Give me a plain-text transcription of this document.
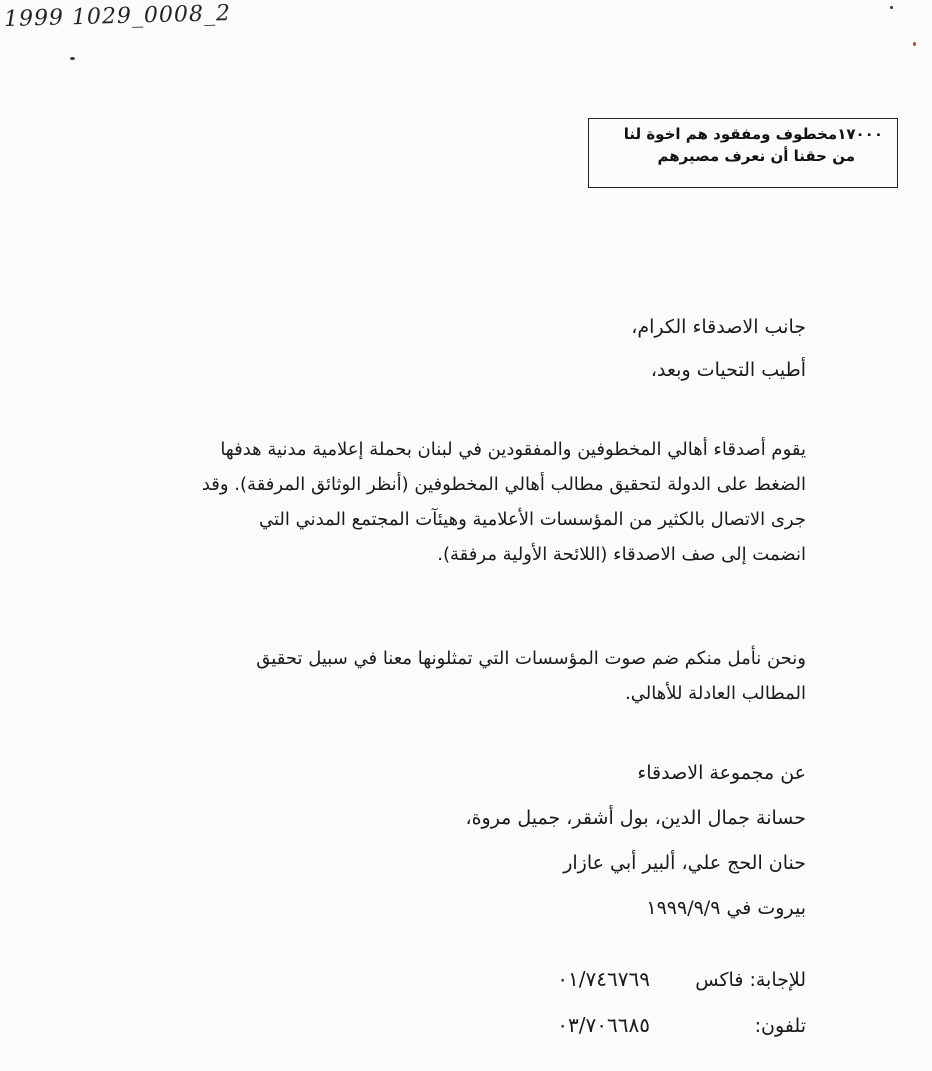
1999 1029_0008_2
١٧٠٠٠مخطوف ومفقود هم اخوة لنا
من حقنا أن نعرف مصيرهم
جانب الاصدقاء الكرام،
أطيب التحيات وبعد،

يقوم أصدقاء أهالي المخطوفين والمفقودين في لبنان بحملة إعلامية مدنية هدفها

الضغط على الدولة لتحقيق مطالب أهالي المخطوفين (أنظر الوثائق المرفقة). وقد

جرى الاتصال بالكثير من المؤسسات الأعلامية وهيئآت المجتمع المدني التي

انضمت إلى صف الاصدقاء (اللائحة الأولية مرفقة).

ونحن نأمل منكم ضم صوت المؤسسات التي تمثلونها معنا في سبيل تحقيق

المطالب العادلة للأهالي.

عن مجموعة الاصدقاء
حسانة جمال الدين، بول أشقر، جميل مروة،
حنان الحج علي، ألبير أبي عازار
بيروت في ١٩٩٩/٩/٩
للإجابة: فاكس ٠١/٧٤٦٧٦٩
تلفون: ٠٣/٧٠٦٦٨٥
